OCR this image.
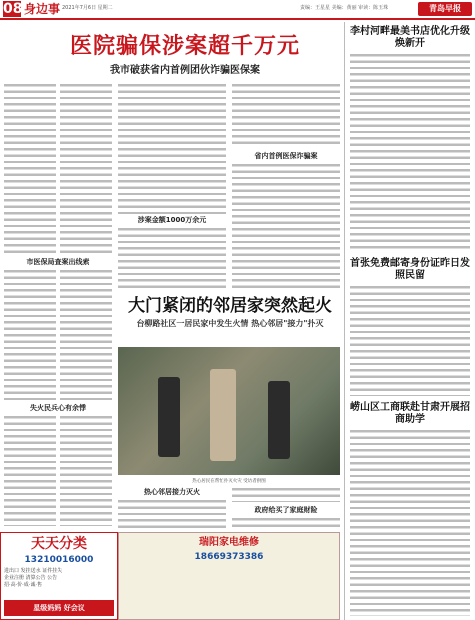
08 身边事 2021年7月6日 星期二	责编：王星星 美编：黄丽 审读：陈玉珠	青岛早报
医院骗保涉案超千万元
我市破获省内首例团伙诈骗医保案
市医保局查案出线索
失火民兵心有余悸
涉案金额1000万余元
省内首例医保诈骗案
大门紧闭的邻居家突然起火
台柳路社区一居民家中发生火情 热心邻居"接力"扑灭
热心居民在帮忙扑灭火灾 受访者供图
热心邻居接力灭火
政府给买了家庭财险
李村河畔最美书店优化升级焕新开
首张免费邮寄身份证昨日发照民留
崂山区工商联赴甘肃开展招商助学
天天分类
13210016000
进出口 发挂送水 证件挂失
企业注册 清算公告 公告
招·高·价·成·诚·售
星级妈妈 好会议
瑞阳家电维修
18669373386
